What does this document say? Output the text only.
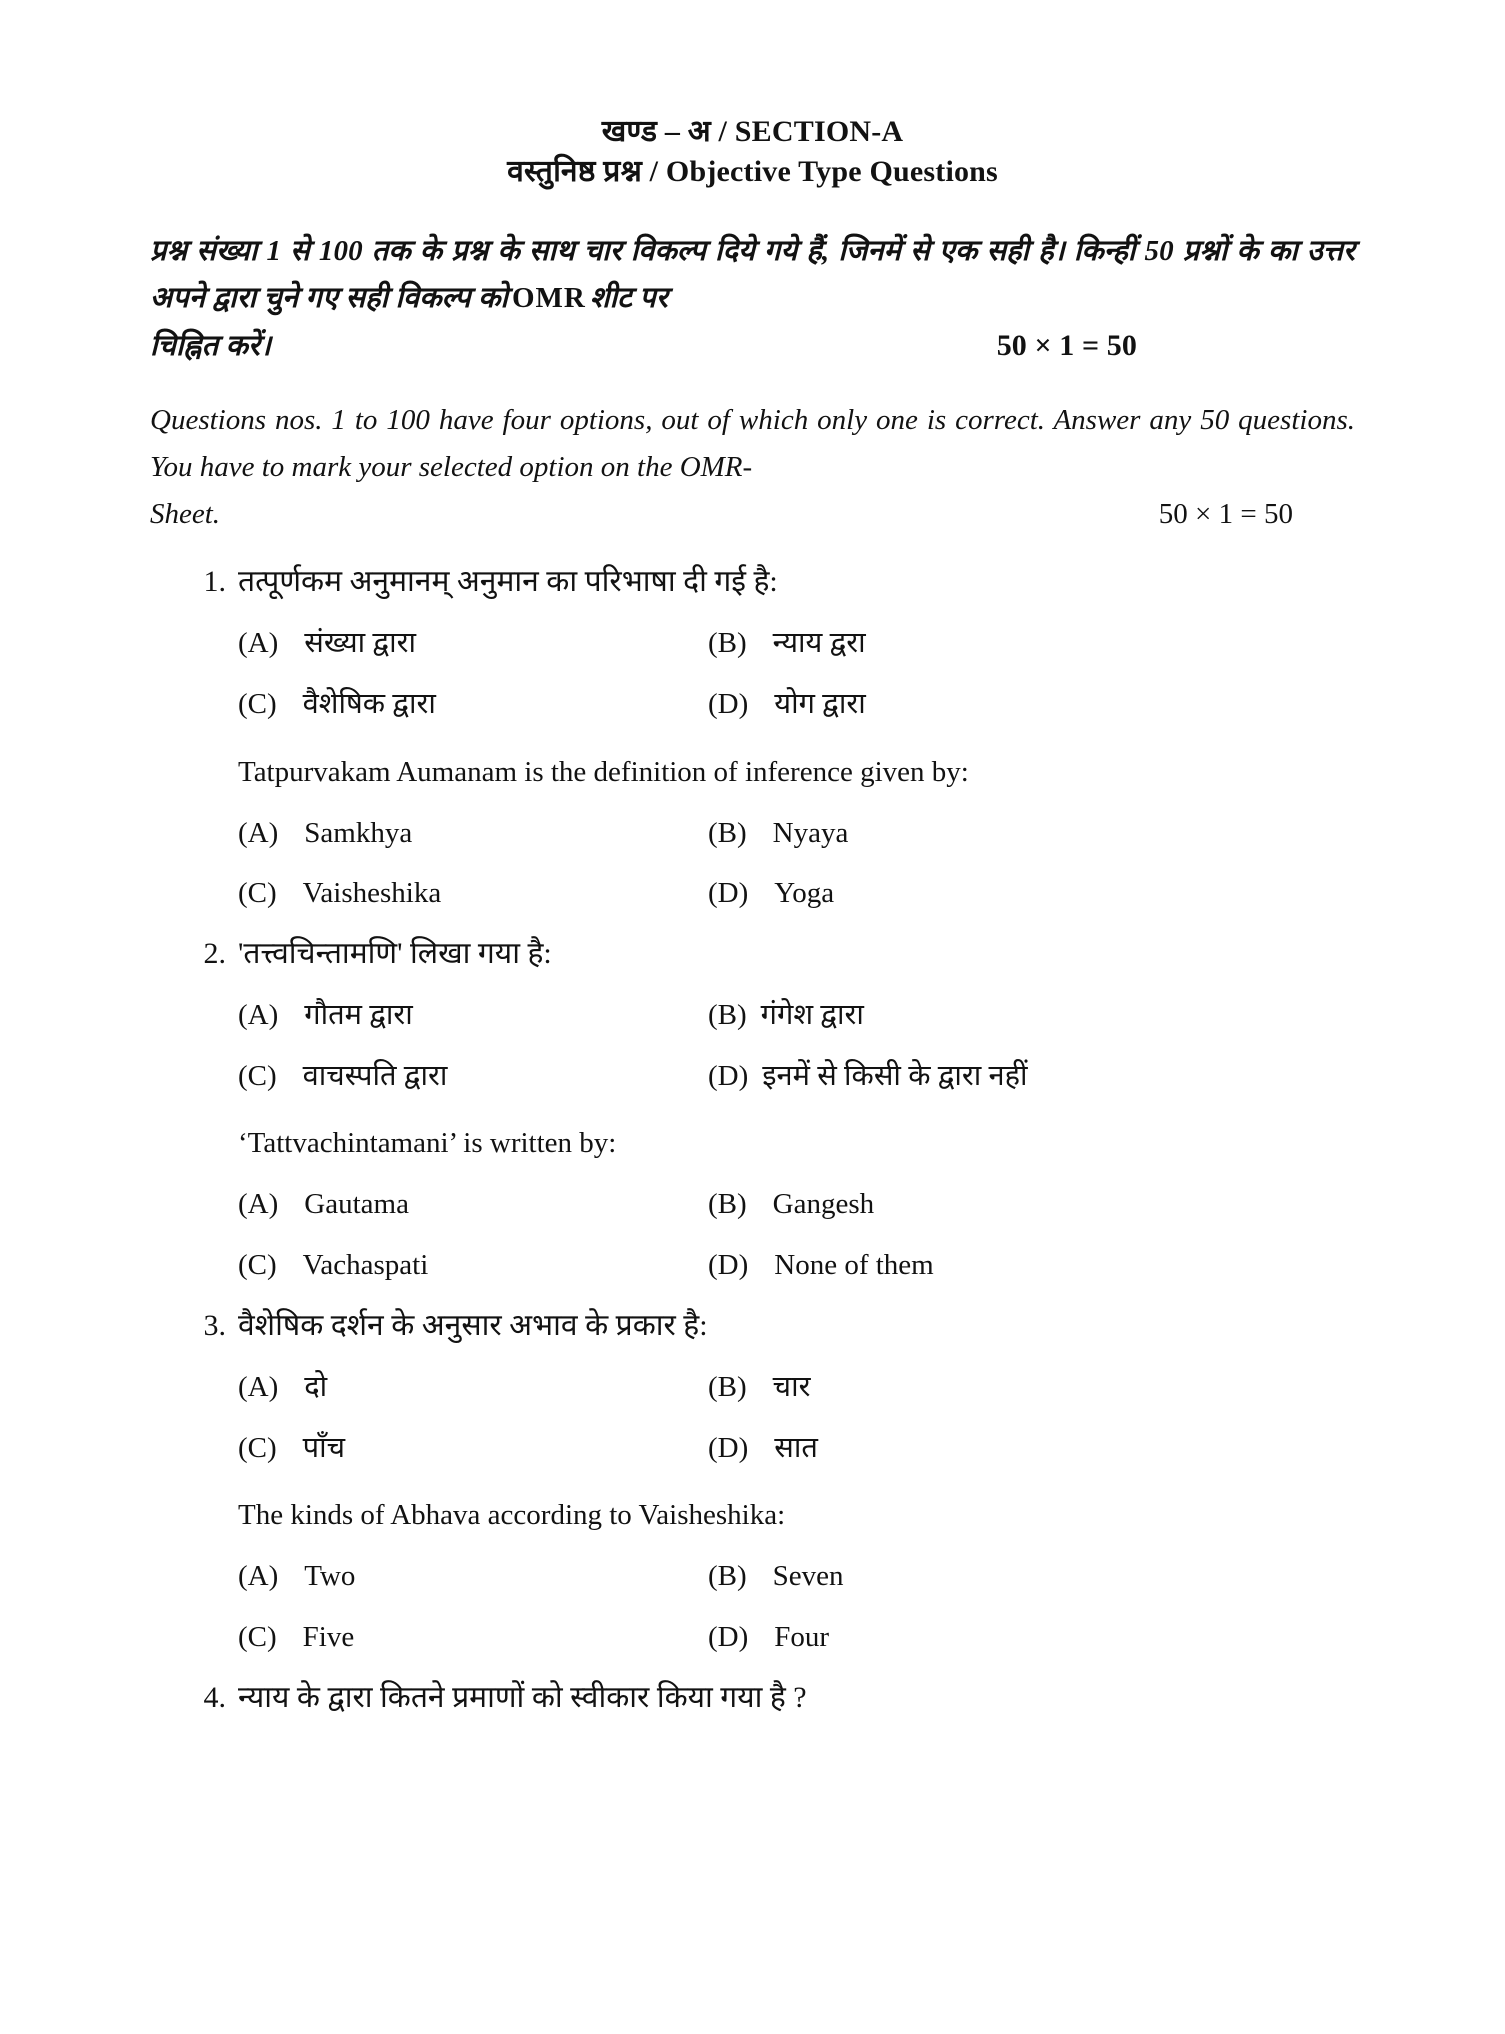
खण्ड – अ / SECTION-A
वस्तुनिष्ठ प्रश्न / Objective Type Questions
प्रश्न संख्या 1 से 100 तक के प्रश्न के साथ चार विकल्प दिये गये हैं, जिनमें से एक सही है। किन्हीं 50 प्रश्नों के का उत्तर अपने द्वारा चुने गए सही विकल्प को OMR शीट पर
चिह्नित करें।	50 × 1 = 50
Questions nos. 1 to 100 have four options, out of which only one is correct. Answer any 50 questions. You have to mark your selected option on the OMR-
Sheet.	50 × 1 = 50
1. तत्पूर्णकम अनुमानम् अनुमान का परिभाषा दी गई है:
(A) संख्या द्वारा	(B) न्याय द्वरा
(C) वैशेषिक द्वारा	(D) योग द्वारा
Tatpurvakam Aumanam is the definition of inference given by:
(A) Samkhya	(B) Nyaya
(C) Vaisheshika	(D) Yoga
2. 'तत्त्वचिन्तामणि' लिखा गया है:
(A) गौतम द्वारा	(B) गंगेश द्वारा
(C) वाचस्पति द्वारा	(D) इनमें से किसी के द्वारा नहीं
‘Tattvachintamani’ is written by:
(A) Gautama	(B) Gangesh
(C) Vachaspati	(D) None of them
3. वैशेषिक दर्शन के अनुसार अभाव के प्रकार है:
(A) दो	(B) चार
(C) पाँच	(D) सात
The kinds of Abhava according to Vaisheshika:
(A) Two	(B) Seven
(C) Five	(D) Four
4. न्याय के द्वारा कितने प्रमाणों को स्वीकार किया गया है ?
